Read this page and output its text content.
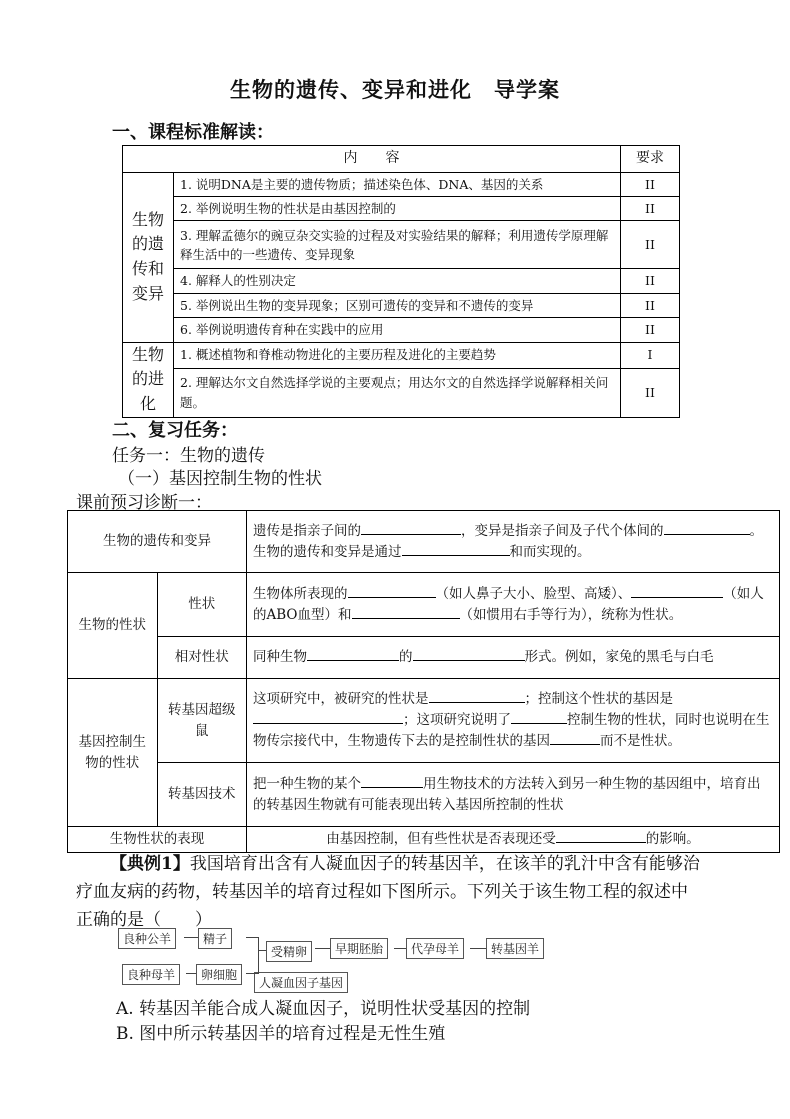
生物的遗传、变异和进化　导学案
一、课程标准解读：
内　　容		要求
生物的遗传和变异	1. 说明DNA是主要的遗传物质；描述染色体、DNA、基因的关系	II
	2. 举例说明生物的性状是由基因控制的	II
	3. 理解孟德尔的豌豆杂交实验的过程及对实验结果的解释；利用遗传学原理解释生活中的一些遗传、变异现象	II
	4. 解释人的性别决定	II
	5. 举例说出生物的变异现象；区别可遗传的变异和不遗传的变异	II
	6. 举例说明遗传育种在实践中的应用	II
生物的进化	1. 概述植物和脊椎动物进化的主要历程及进化的主要趋势	I
	2. 理解达尔文自然选择学说的主要观点；用达尔文的自然选择学说解释相关问题。	II
二、复习任务：
任务一：生物的遗传
（一）基因控制生物的性状
课前预习诊断一：
生物的遗传和变异		遗传是指亲子间的 ，变异是指亲子间及子代个体间的 。生物的遗传和变异是通过 和而实现的。
生物的性状	性状	生物体所表现的 （如人鼻子大小、脸型、高矮）、 （如人的ABO血型）和 （如惯用右手等行为），统称为性状。
	相对性状	同种生物 的 形式。例如，家兔的黑毛与白毛
基因控制生物的性状	转基因超级鼠	这项研究中，被研究的性状是 ；控制这个性状的基因是；这项研究说明了 控制生物的性状，同时也说明在生物传宗接代中，生物遗传下去的是控制性状的基因 而不是性状。
	转基因技术	把一种生物的某个 用生物技术的方法转入到另一种生物的基因组中，培育出的转基因生物就有可能表现出转入基因所控制的性状
生物性状的表现		由基因控制，但有些性状是否表现还受 的影响。
【典例1】我国培育出含有人凝血因子的转基因羊，在该羊的乳汁中含有能够治疗血友病的药物，转基因羊的培育过程如下图所示。下列关于该生物工程的叙述中正确的是（　　）
良种公羊	精子
良种母羊	卵细胞
受精卵	早期胚胎	代孕母羊	转基因羊
人凝血因子基因
A. 转基因羊能合成人凝血因子，说明性状受基因的控制
B. 图中所示转基因羊的培育过程是无性生殖
